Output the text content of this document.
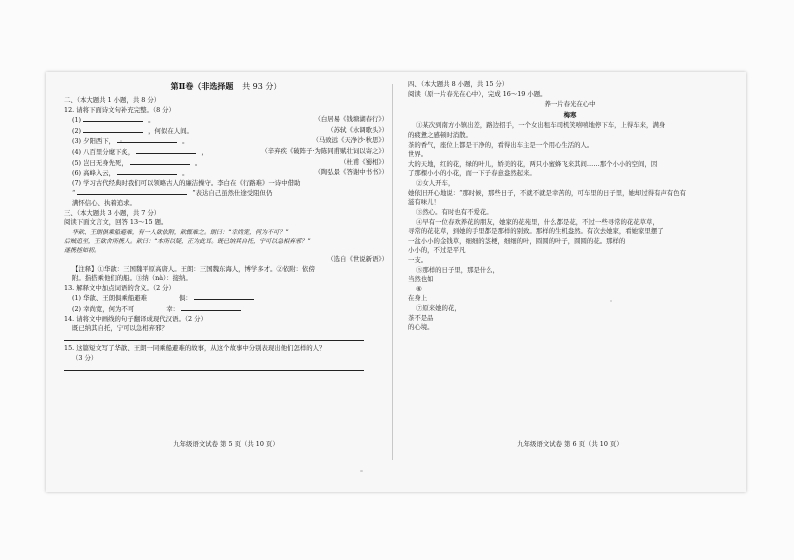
第Ⅱ卷（非选择题 共 93 分）
二、（本大题共 1 小题，共 8 分）
12. 请将下面诗文句补充完整。（8 分）
(1)	。	（白居易《钱塘湖春行》）
(2)	，何似在人间。	（苏轼《水调歌头》）
(3) 夕阳西下，	。	（马致远《天净沙·秋思》）
(4) 八百里分麾下炙，	，	（辛弃疾《破阵子·为陈同甫赋壮词以寄之》）
(5) 岂曰无身先死，	。	（杜甫《蜀相》）
(6) 高峰入云，	。	（陶弘景《答谢中书书》）
(7) 学习古代经典时我们可以领略古人的廉洁操守。李白在《行路难》一诗中借助
“	”表达自己虽然仕途受阻但仍
满怀信心、执着追求。
三、（本大题共 3 小题，共 7 分）
阅读下面文言文，回答 13～15 题。
华歆、王朗俱乘船避难，有一人欲依附，歆辄难之。朗曰：“幸尚宽，何为不可？”
后贼追至，王欲舍所携人。歆曰：“本所以疑，正为此耳。既已纳其自托，宁可以急相弃邪？”
遂携拯如初。
（选自《世说新语》）
【注释】①华歆：三国魏平原高唐人。王朗：三国魏东海人，博学多才。②依附：依傍
附。指搭乘他们的船。③纳（nà）：接纳。
13. 解释文中加点词语的含义。（2 分）
(1) 华歆、王朗俱乘船避难	俱：
(2) 幸尚宽，何为不可	幸：
14. 请将文中画线的句子翻译成现代汉语。（2 分）
既已纳其自托，宁可以急相弃邪？
15. 这篇短文写了华歆、王朗一同乘船避难的故事，从这个故事中分别表现出他们怎样的人？
（3 分）
九年级语文试卷 第 5 页（共 10 页）
四、（本大题共 8 小题，共 15 分）
阅读（原一片春光在心中），完成 16～19 小题。
养一片春光在心中
梅寒
①某次到南方小镇出差，路边招手，一个女出租车司机笑嘻嘻地停下车，上得车来，满身
的疲惫之感顿时消散。
茶的香气，座位上都是干净的，看得出车主是一个用心生活的人。
世界。
大的天地，红的花，绿的叶儿，娇美的花，两只小蜜蜂飞来其间……那个小小的空间，因
了那棵小小的小花，而一下子春意盎然起来。
②女人开车，
她依旧开心地说：“那时候，那些日子，不就不就是幸苦的，可车里的日子里，她却过得有声有色有
滋有味儿！
③然心。有时也有不爱花。
④早有一位春欢养花的朋友，她家的花苑里，什么都是花，不过一些寻常的花花草草，
寻常的花花草，到她的手里都是那样的别致。那样的生机盎然。有次去她家，看她家里摆了
一盆小小的金钱草，细细的茎梗，细细的叶，圆圆的叶子，圆圆的花。那样的
小小的，不过是平凡
一支。
⑤那样的日子里，那是什么，
当然也如
⑥
在身上
⑦原来她的花，
茶不是品
的心境。
九年级语文试卷 第 6 页（共 10 页）
